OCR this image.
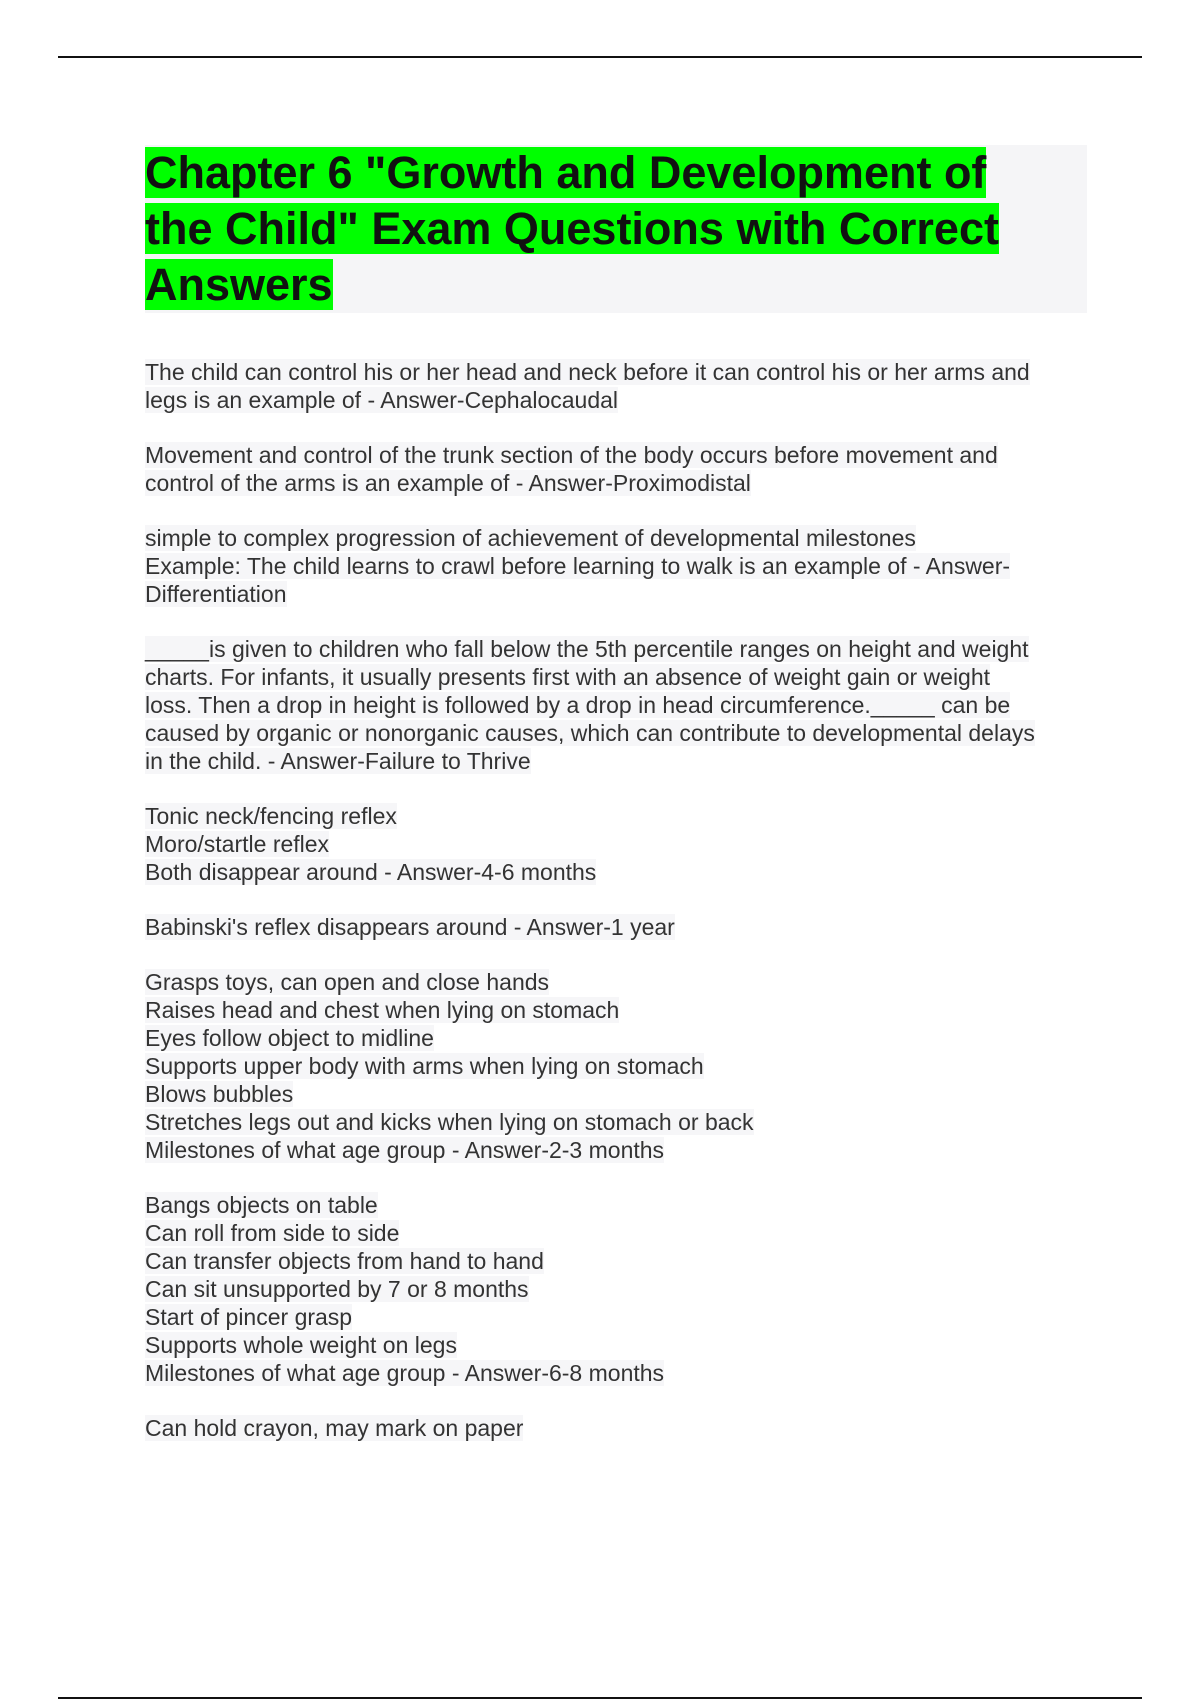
Chapter 6 "Growth and Development of
the Child" Exam Questions with Correct
Answers
The child can control his or her head and neck before it can control his or her arms and
legs is an example of - Answer-Cephalocaudal
Movement and control of the trunk section of the body occurs before movement and
control of the arms is an example of - Answer-Proximodistal
simple to complex progression of achievement of developmental milestones
Example: The child learns to crawl before learning to walk is an example of - Answer-
Differentiation
_____is given to children who fall below the 5th percentile ranges on height and weight
charts. For infants, it usually presents first with an absence of weight gain or weight
loss. Then a drop in height is followed by a drop in head circumference._____ can be
caused by organic or nonorganic causes, which can contribute to developmental delays
in the child. - Answer-Failure to Thrive
Tonic neck/fencing reflex
Moro/startle reflex
Both disappear around - Answer-4-6 months
Babinski's reflex disappears around - Answer-1 year
Grasps toys, can open and close hands
Raises head and chest when lying on stomach
Eyes follow object to midline
Supports upper body with arms when lying on stomach
Blows bubbles
Stretches legs out and kicks when lying on stomach or back
Milestones of what age group - Answer-2-3 months
Bangs objects on table
Can roll from side to side
Can transfer objects from hand to hand
Can sit unsupported by 7 or 8 months
Start of pincer grasp
Supports whole weight on legs
Milestones of what age group - Answer-6-8 months
Can hold crayon, may mark on paper
